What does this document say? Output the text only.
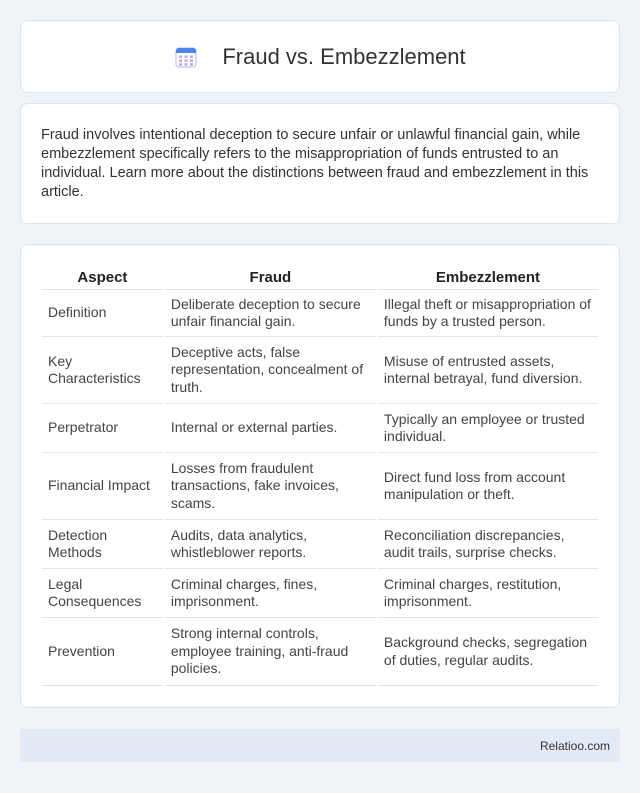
Fraud vs. Embezzlement

Fraud involves intentional deception to secure unfair or unlawful financial gain, while embezzlement specifically refers to the misappropriation of funds entrusted to an individual. Learn more about the distinctions between fraud and embezzlement in this article.

Aspect	Fraud	Embezzlement
Definition	Deliberate deception to secure unfair financial gain.	Illegal theft or misappropriation of funds by a trusted person.
Key Characteristics	Deceptive acts, false representation, concealment of truth.	Misuse of entrusted assets, internal betrayal, fund diversion.
Perpetrator	Internal or external parties.	Typically an employee or trusted individual.
Financial Impact	Losses from fraudulent transactions, fake invoices, scams.	Direct fund loss from account manipulation or theft.
Detection Methods	Audits, data analytics, whistleblower reports.	Reconciliation discrepancies, audit trails, surprise checks.
Legal Consequences	Criminal charges, fines, imprisonment.	Criminal charges, restitution, imprisonment.
Prevention	Strong internal controls, employee training, anti-fraud policies.	Background checks, segregation of duties, regular audits.
Relatioo.com
